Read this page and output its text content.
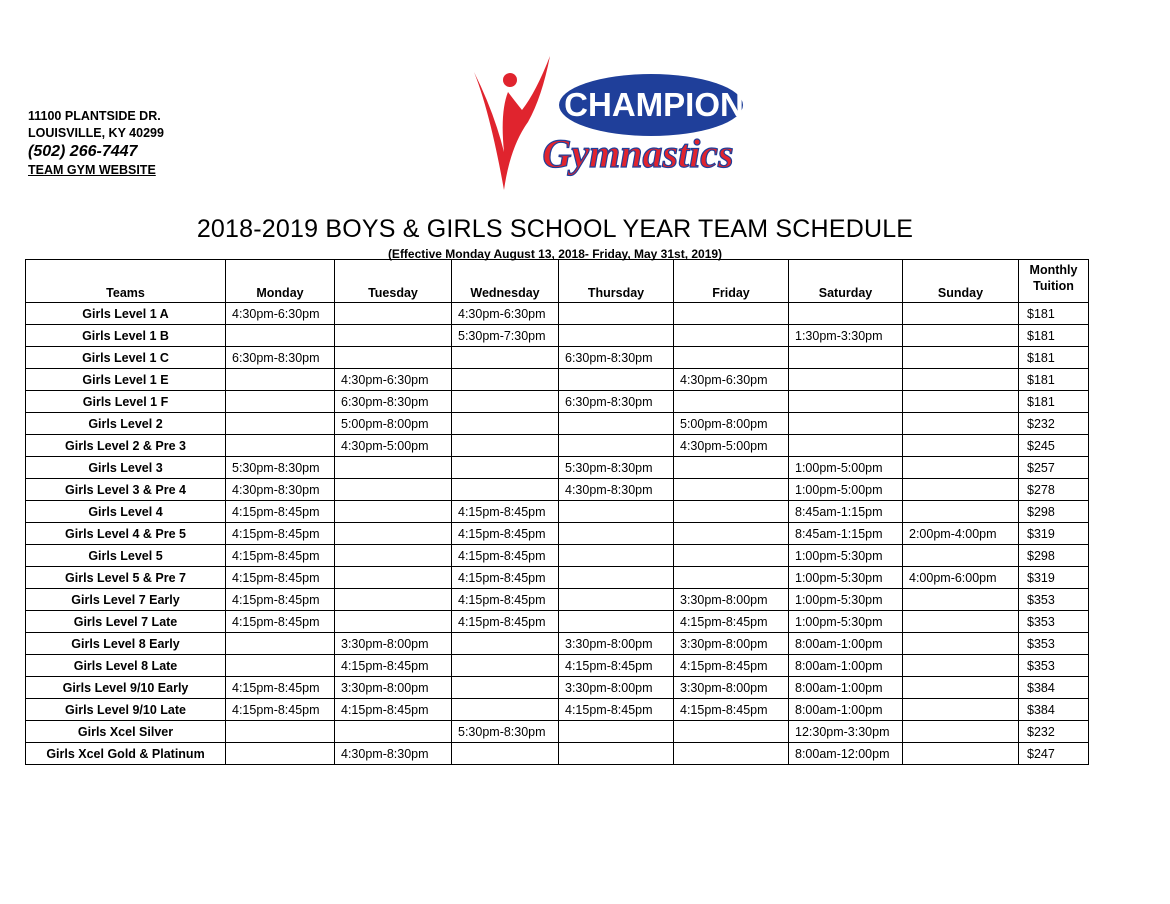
11100 PLANTSIDE DR.
LOUISVILLE, KY 40299
(502) 266-7447
TEAM GYM WEBSITE
CHAMPION
Gymnastics
2018-2019 BOYS & GIRLS SCHOOL YEAR TEAM SCHEDULE
(Effective Monday August 13, 2018- Friday, May 31st, 2019)
Teams	Monday	Tuesday	Wednesday	Thursday	Friday	Saturday	Sunday	Monthly
Tuition

Girls Level 1 A	4:30pm-6:30pm		4:30pm-6:30pm					$181
Girls Level 1 B			5:30pm-7:30pm			1:30pm-3:30pm		$181
Girls Level 1 C	6:30pm-8:30pm			6:30pm-8:30pm				$181
Girls Level 1 E		4:30pm-6:30pm			4:30pm-6:30pm			$181
Girls Level 1 F		6:30pm-8:30pm		6:30pm-8:30pm				$181
Girls Level 2		5:00pm-8:00pm			5:00pm-8:00pm			$232
Girls Level 2 & Pre 3		4:30pm-5:00pm			4:30pm-5:00pm			$245
Girls Level 3	5:30pm-8:30pm			5:30pm-8:30pm		1:00pm-5:00pm		$257
Girls Level 3 & Pre 4	4:30pm-8:30pm			4:30pm-8:30pm		1:00pm-5:00pm		$278
Girls Level 4	4:15pm-8:45pm		4:15pm-8:45pm			8:45am-1:15pm		$298
Girls Level 4 & Pre 5	4:15pm-8:45pm		4:15pm-8:45pm			8:45am-1:15pm	2:00pm-4:00pm	$319
Girls Level 5	4:15pm-8:45pm		4:15pm-8:45pm			1:00pm-5:30pm		$298
Girls Level 5 & Pre 7	4:15pm-8:45pm		4:15pm-8:45pm			1:00pm-5:30pm	4:00pm-6:00pm	$319
Girls Level 7 Early	4:15pm-8:45pm		4:15pm-8:45pm		3:30pm-8:00pm	1:00pm-5:30pm		$353
Girls Level 7 Late	4:15pm-8:45pm		4:15pm-8:45pm		4:15pm-8:45pm	1:00pm-5:30pm		$353
Girls Level 8 Early		3:30pm-8:00pm		3:30pm-8:00pm	3:30pm-8:00pm	8:00am-1:00pm		$353
Girls Level 8 Late		4:15pm-8:45pm		4:15pm-8:45pm	4:15pm-8:45pm	8:00am-1:00pm		$353
Girls Level 9/10 Early	4:15pm-8:45pm	3:30pm-8:00pm		3:30pm-8:00pm	3:30pm-8:00pm	8:00am-1:00pm		$384
Girls Level 9/10 Late	4:15pm-8:45pm	4:15pm-8:45pm		4:15pm-8:45pm	4:15pm-8:45pm	8:00am-1:00pm		$384
Girls Xcel Silver			5:30pm-8:30pm			12:30pm-3:30pm		$232
Girls Xcel Gold & Platinum		4:30pm-8:30pm				8:00am-12:00pm		$247
